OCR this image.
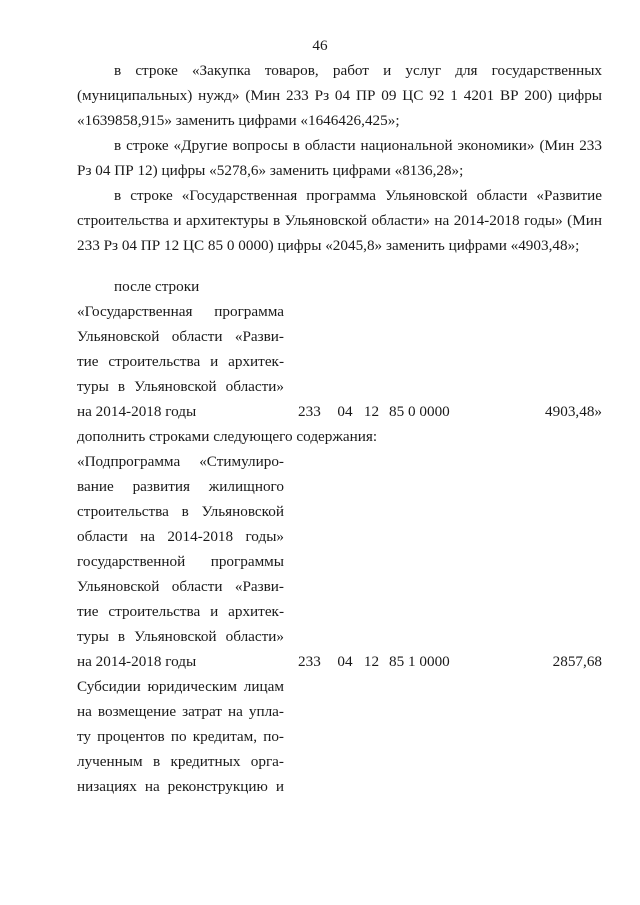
46

в строке «Закупка товаров, работ и услуг для государственных (муниципальных) нужд» (Мин 233 Рз 04 ПР 09 ЦС 92 1 4201 ВР 200) цифры «1639858,915» заменить цифрами «1646426,425»;

в строке «Другие вопросы в области национальной экономики» (Мин 233 Рз 04 ПР 12) цифры «5278,6» заменить цифрами «8136,28»;

в строке «Государственная программа Ульяновской области «Развитие строительства и архитектуры в Ульяновской области» на 2014-2018 годы» (Мин 233 Рз 04 ПР 12 ЦС 85 0 0000) цифры «2045,8» заменить цифрами «4903,48»;

после строки

«Государственная программа
Ульяновской области «Разви-
тие строительства и архитек-
туры в Ульяновской области»
на 2014-2018 годы	233 04 12 85 0 0000	4903,48»

дополнить строками следующего содержания:

«Подпрограмма «Стимулиро-
вание развития жилищного
строительства в Ульяновской
области на 2014-2018 годы»
государственной программы
Ульяновской области «Разви-
тие строительства и архитек-
туры в Ульяновской области»
на 2014-2018 годы	233 04 12 85 1 0000	2857,68
Субсидии юридическим лицам
на возмещение затрат на упла-
ту процентов по кредитам, по-
лученным в кредитных орга-
низациях на реконструкцию и
